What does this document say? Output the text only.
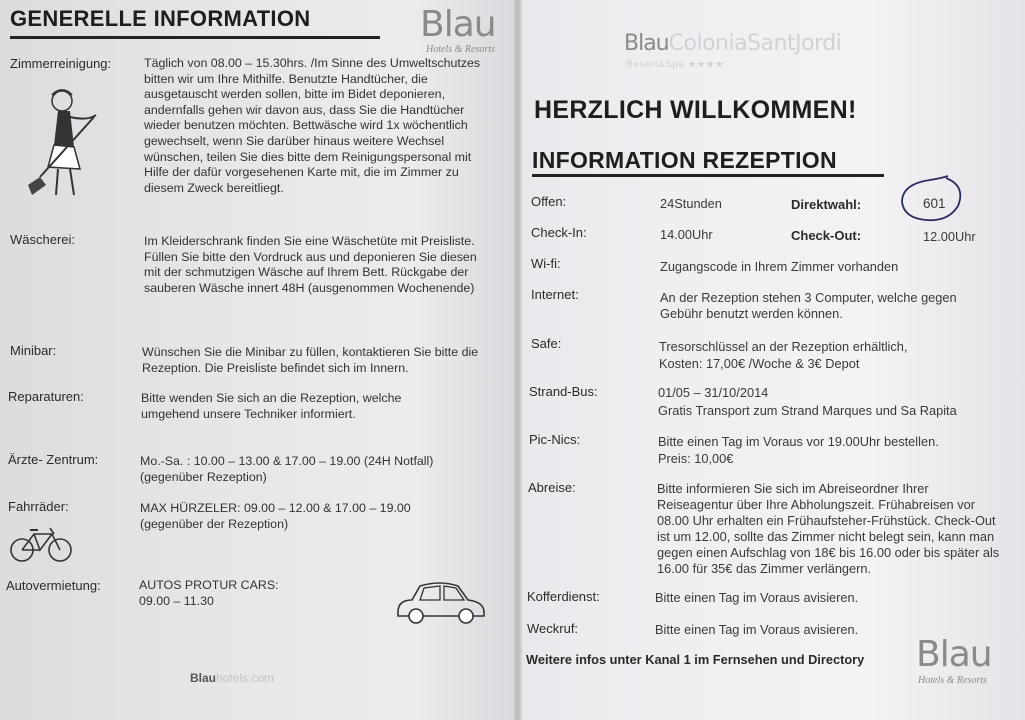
GENERELLE INFORMATION	Blau
Hotels & Resorts
Zimmerreinigung:	Täglich von 08.00 – 15.30hrs. /Im Sinne des Umweltschutzes bitten wir um Ihre Mithilfe. Benutzte Handtücher, die ausgetauscht werden sollen, bitte im Bidet deponieren, andernfalls gehen wir davon aus, dass Sie die Handtücher wieder benutzen möchten. Bettwäsche wird 1x wöchentlich gewechselt, wenn Sie darüber hinaus weitere Wechsel wünschen, teilen Sie dies bitte dem Reinigungspersonal mit Hilfe der dafür vorgesehenen Karte mit, die im Zimmer zu diesem Zweck bereitliegt.
Wäscherei:	Im Kleiderschrank finden Sie eine Wäschetüte mit Preisliste. Füllen Sie bitte den Vordruck aus und deponieren Sie diesen mit der schmutzigen Wäsche auf Ihrem Bett. Rückgabe der sauberen Wäsche innert 48H (ausgenommen Wochenende)
Minibar:	Wünschen Sie die Minibar zu füllen, kontaktieren Sie bitte die Rezeption. Die Preisliste befindet sich im Innern.
Reparaturen:	Bitte wenden Sie sich an die Rezeption, welche umgehend unsere Techniker informiert.
Ärzte- Zentrum:	Mo.-Sa. : 10.00 – 13.00 & 17.00 – 19.00 (24H Notfall) (gegenüber Rezeption)
Fahrräder:	MAX HÜRZELER: 09.00 – 12.00 & 17.00 – 19.00 (gegenüber der Rezeption)
Autovermietung:	AUTOS PROTUR CARS:
09.00 – 11.30
Blauhotels.com
BlauColoniaSantJordi
Resort&Spa ★★★★
HERZLICH WILLKOMMEN!
INFORMATION REZEPTION
Offen:	24Stunden	Direktwahl:	601
Check-In:	14.00Uhr	Check-Out:	12.00Uhr
Wi-fi:	Zugangscode in Ihrem Zimmer vorhanden
Internet:	An der Rezeption stehen 3 Computer, welche gegen Gebühr benutzt werden können.
Safe:	Tresorschlüssel an der Rezeption erhältlich,
Kosten: 17,00€ /Woche & 3€ Depot
Strand-Bus:	01/05 – 31/10/2014
Gratis Transport zum Strand Marques und Sa Rapita
Pic-Nics:	Bitte einen Tag im Voraus vor 19.00Uhr bestellen.
Preis: 10,00€
Abreise:	Bitte informieren Sie sich im Abreiseordner Ihrer Reiseagentur über Ihre Abholungszeit. Frühabreisen vor 08.00 Uhr erhalten ein Frühaufsteher-Frühstück. Check-Out ist um 12.00, sollte das Zimmer nicht belegt sein, kann man gegen einen Aufschlag von 18€ bis 16.00 oder bis später als 16.00 für 35€ das Zimmer verlängern.
Kofferdienst:	Bitte einen Tag im Voraus avisieren.
Weckruf:	Bitte einen Tag im Voraus avisieren.
Weitere infos unter Kanal 1 im Fernsehen und Directory Blau
Hotels & Resorts
